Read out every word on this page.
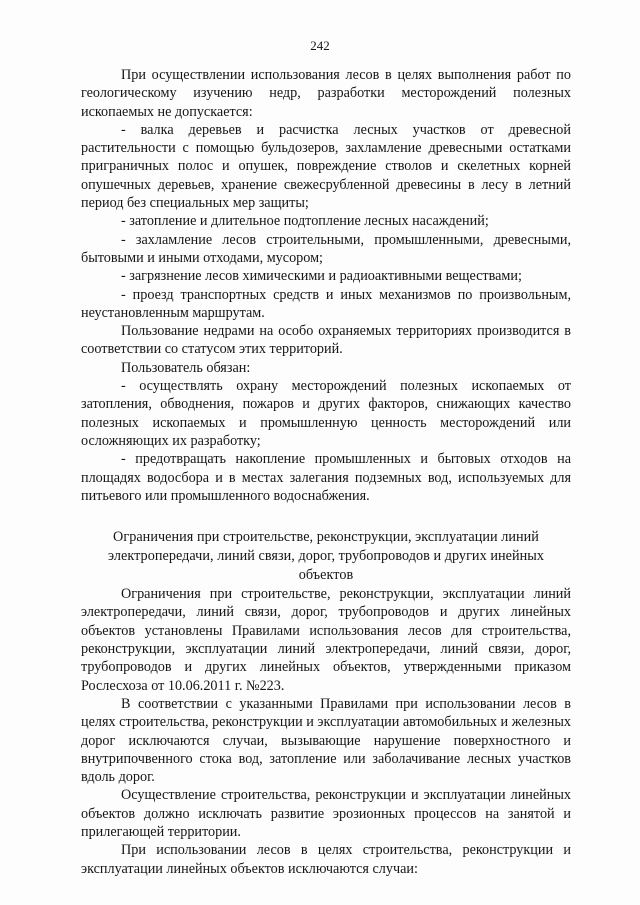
242

При осуществлении использования лесов в целях выполнения работ по геологическому изучению недр, разработки месторождений полезных ископаемых не допускается:

- валка деревьев и расчистка лесных участков от древесной растительности с помощью бульдозеров, захламление древесными остатками приграничных полос и опушек, повреждение стволов и скелетных корней опушечных деревьев, хранение свежесрубленной древесины в лесу в летний период без специальных мер защиты;

- затопление и длительное подтопление лесных насаждений;

- захламление лесов строительными, промышленными, древесными, бытовыми и иными отходами, мусором;

- загрязнение лесов химическими и радиоактивными веществами;

- проезд транспортных средств и иных механизмов по произвольным, неустановленным маршрутам.

Пользование недрами на особо охраняемых территориях производится в соответствии со статусом этих территорий.

Пользователь обязан:

- осуществлять охрану месторождений полезных ископаемых от затопления, обводнения, пожаров и других факторов, снижающих качество полезных ископаемых и промышленную ценность месторождений или осложняющих их разработку;

- предотвращать накопление промышленных и бытовых отходов на площадях водосбора и в местах залегания подземных вод, используемых для питьевого или промышленного водоснабжения.

Ограничения при строительстве, реконструкции, эксплуатации линий электропередачи, линий связи, дорог, трубопроводов и других инейных объектов

Ограничения при строительстве, реконструкции, эксплуатации линий электропередачи, линий связи, дорог, трубопроводов и других линейных объектов установлены Правилами использования лесов для строительства, реконструкции, эксплуатации линий электропередачи, линий связи, дорог, трубопроводов и других линейных объектов, утвержденными приказом Рослесхоза от 10.06.2011 г. №223.

В соответствии с указанными Правилами при использовании лесов в целях строительства, реконструкции и эксплуатации автомобильных и железных дорог исключаются случаи, вызывающие нарушение поверхностного и внутрипочвенного стока вод, затопление или заболачивание лесных участков вдоль дорог.

Осуществление строительства, реконструкции и эксплуатации линейных объектов должно исключать развитие эрозионных процессов на занятой и прилегающей территории.

При использовании лесов в целях строительства, реконструкции и эксплуатации линейных объектов исключаются случаи:
